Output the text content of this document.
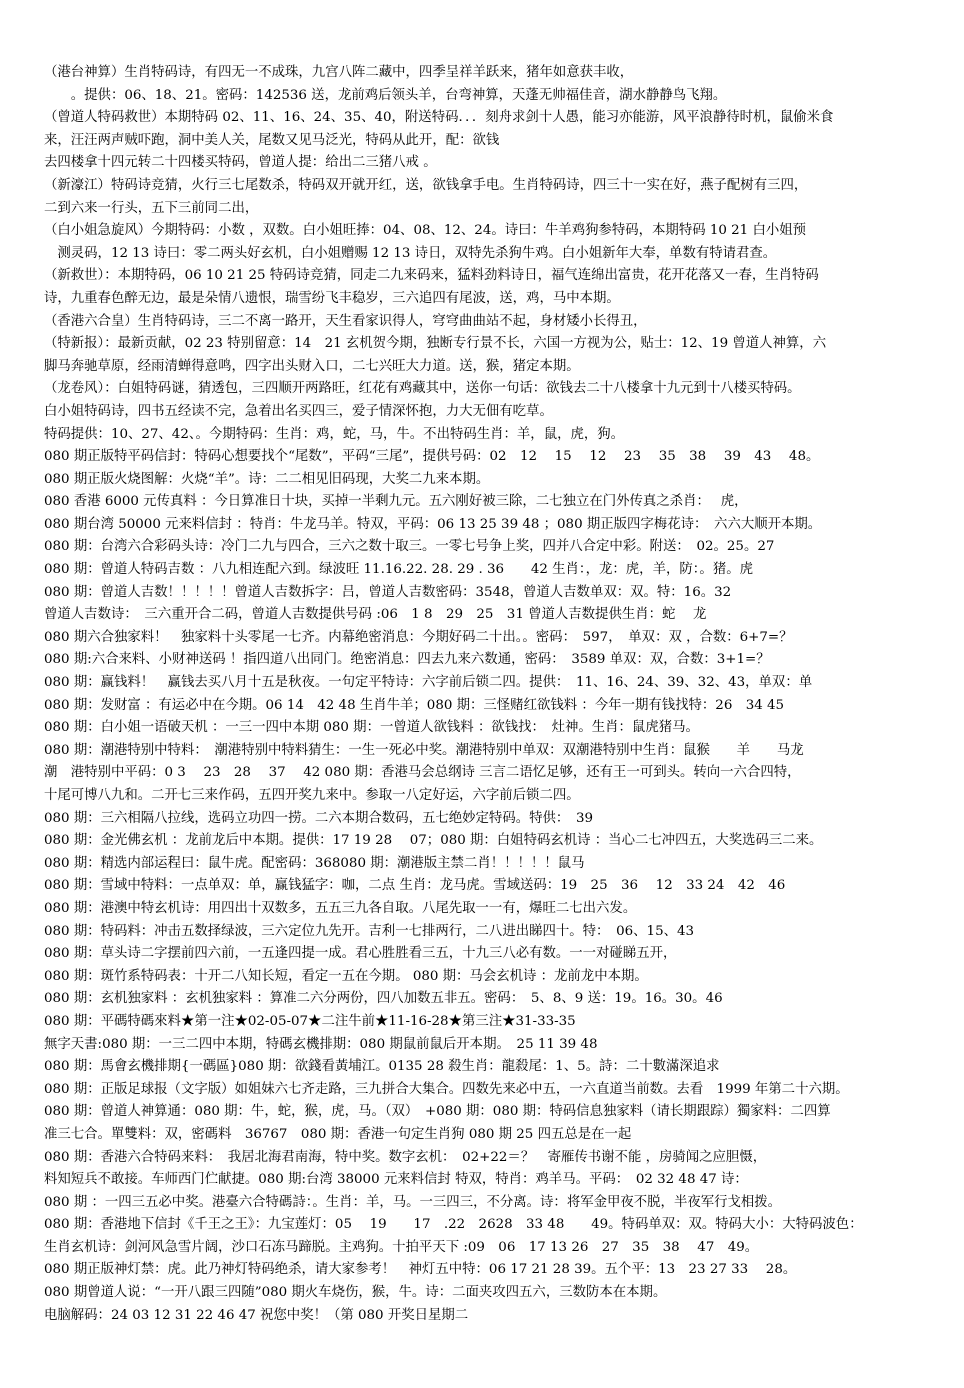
（港台神算）生肖特码诗，有四无一不成珠，九宫八阵二藏中，四季呈祥羊跃来，猪年如意获丰收，
　　。提供：06、18、21。密码：142536 送，龙前鸡后领头羊，台弯神算，天蓬无帅福佳音，湖水静静鸟飞翔。
（曾道人特码救世）本期特码 02、11、16、24、35、40，附送特码．．．刻舟求剑十人愚，能习亦能游，风平浪静待时机，鼠偷米食
来，汪汪两声贼吓跑，洞中美人关，尾数又见马泛光，特码从此开，配：欲钱
去四楼拿十四元转二十四楼买特码，曾道人提：给出二三猪八戒 。
（新濠江）特码诗竞猜，火行三七尾数杀，特码双开就开红，送，欲钱拿手电。生肖特码诗，四三十一实在好，燕子配树有三四，
二到六来一行头，五下三前同二出，
（白小姐急旋风）今期特码：小数 ，双数。白小姐旺捧：04、08、12、24。诗曰：牛羊鸡狗参特码，本期特码 10 21 白小姐预
　测灵码，12 13 诗曰：零二两头好玄机，白小姐赠赐 12 13 诗日，双特先杀狗牛鸡。白小姐新年大奉，单数有特请君查。
（新救世）：本期特码，06 10 21 25 特码诗竞猜，同走二九来码来，猛料劲料诗日，福气连绵出富贵，花开花落又一春，生肖特码
诗，九重春色醉无边，最是朵情八遗恨，瑞雪纷飞丰稳岁，三六追四有尾波，送，鸡，马中本期。
（香港六合皇）生肖特码诗，三二不离一路开，天生看家识得人，穹穹曲曲站不起，身材矮小长得丑，
（特新报）：最新贡献，02 23 特别留意：14　21 玄机贺今期，独断专行景不长，六国一方视为公，贴士：12、19 曾道人神算，六
脚马奔驰草原，经雨清蝉得意鸣，四字出头财入口，二七兴旺大力道。送，猴，猪定本期。
（龙卷风）：白姐特码谜，猜透包，三四顺开两路旺，红花有鸡藏其中，送你一句话：欲钱去二十八楼拿十九元到十八楼买特码。
白小姐特码诗，四书五经读不完，急着出名买四三，爱子情深怀抱，力大无佃有吃草。
特码提供：10、27、42、。今期特码：生肖：鸡，蛇，马，牛。不出特码生肖：羊，鼠，虎，狗。
080 期正版特平码信封：特码心想要找个“尾数”，平码“三尾”，提供号码：02　12　 15　 12　 23　 35　38　 39　43　 48。
080 期正版火烧图解：火烧“羊”。诗：二二相见旧码现，大奖二九来本期。
080 香港 6000 元传真料 ：今日算准日十块，买掉一半剩九元。五六刚好被三除，二七独立在门外传真之杀肖：　 虎，
080 期台湾 50000 元来料信封 ：特肖：牛龙马羊。特双，平码：06 13 25 39 48 ；080 期正版四字梅花诗：　六六大顺开本期。
080 期：台湾六合彩码头诗：冷门二九与四合，三六之数十取三。一零七号争上奖，四并八合定中彩。附送：　02。25。27
080 期：曾道人特码吉数 ：八九相连配六到。绿波旺 11.16.22. 28. 29 . 36　　42 生肖：，龙：虎，羊，防：。猪。虎
080 期：曾道人吉数！！！！！曾道人吉数拆字：吕，曾道人吉数密码：3548，曾道人吉数单双：双。特：16。32
曾道人吉数诗：　三六重开合二码，曾道人吉数提供号码 :06　1 8　29　25　31 曾道人吉数提供生肖：蛇　 龙
080 期六合独家料！　独家料十头零尾一七齐。内幕绝密消息：今期好码二十出。。密码：　597，　单双：双 ，合数：6+7=？
080 期:六合来料、小财神送码 ！指四道八出同门。绝密消息：四去九来六数通，密码：　3589 单双：双，合数：3+1=？
080 期：赢钱料！　赢钱去买八月十五是秋夜。一句定平特诗：六字前后锁二四。提供：　11、16、24、39、32、43，单双：单
080 期：发财富 ：有运必中在今期。06 14　42 48 生肖牛羊；080 期：三怪赌红欲钱料 ：今年一期有钱找特：26　34 45
080 期：白小姐一语破天机 ：一三一四中本期 080 期：一曾道人欲钱料 ：欲钱找：　灶神。生肖：鼠虎猪马。
080 期：潮港特别中特料：　潮港特别中特料猜生：一生一死必中奖。潮港特别中单双：双潮港特别中生肖：鼠猴　　羊　　马龙
潮　港特别中平码：0 3　 23　28　 37　 42 080 期：香港马会总纲诗 三言二语忆足够，还有王一可到头。转向一六合四特，
十尾可博八九和。二开七三来作码，五四开奖九来中。参取一八定好运，六字前后锁二四。
080 期：三六相隔八拉线，选码立功四一捞。二六本期合数码，五七绝妙定特码。特供：　39
080 期：金光佛玄机 ：龙前龙后中本期。提供：17 19 28　 07；080 期：白姐特码玄机诗 ：当心二七冲四五，大奖选码三二来。
080 期：精选内部运程曰：鼠牛虎。配密码：368080 期：潮港版主禁二肖！！！！！鼠马
080 期：雪域中特料：一点单双：单，赢钱猛字：咖，二点 生肖：龙马虎。雪域送码：19　25　36　 12　33 24　42　46
080 期：港澳中特玄机诗：用四出十双数多，五五三九各自取。八尾先取一一有，爆旺二七出六发。
080 期：特码料：冲击五数择绿波，三六定位九先开。吉利一七排两行，二八进出睇四十。特：　06、15、43
080 期：草头诗二字摆前四六前，一五逢四提一成。君心胜胜看三五，十九三八必有数。一一对碰睇五开，
080 期：斑竹系特码表：十开二八知长短，看定一五在今期。 080 期：马会玄机诗 ：龙前龙中本期。
080 期：玄机独家料 ：玄机独家料 ：算准二六分两份，四八加数五非五。密码：　5、8、9 送：19。16。30。46
080 期：平碼特碼來料★第一注★02-05-07★二注牛前★11-16-28★第三注★31-33-35
無字天書:080 期：一三二四中本期，特碼玄機排期：080 期鼠前鼠后开本期。　25 11 39 48
080 期：馬會玄機排期{一碼區}080 期：欲錢看黃埔江。0135 28 殺生肖：龍殺尾：1、5。詩：二十數滿深追求
080 期：正版足球报（文字版）如姐妹六七齐走路，三九拼合大集合。四数先来必中五，一六直道当前数。去看　1999 年第二十六期。
080 期：曾道人神算通：080 期：牛，蛇，猴，虎，马。（双）　+080 期：080 期：特码信息独家料（请长期跟踪）獨家料：二四算
准三七合。單雙料：双，密碼料　36767　080 期：香港一句定生肖狗 080 期 25 四五总是在一起
080 期：香港六合特码来料：　我居北海君南海，特中奖。数字玄机：　02+22＝？　寄雁传书谢不能 ，房骑闻之应胆慑，
料知短兵不敢接。车师西门伫献捷。080 期:台湾 38000 元来料信封 特双，特肖：鸡羊马。平码：　02 32 48 47 诗：
080 期 ：一四三五必中奖。港臺六合特碼詩：。生肖：羊，马。一三四三，不分离。诗：将军金甲夜不脱，半夜军行戈相拨。
080 期：香港地下信封《千王之王》：九宝莲灯：05　 19　　17　.22　2628　33 48　　49。特码单双：双。特码大小：大特码波色：
生肖玄机诗：剑河风急雪片阔，沙口石冻马蹄脱。主鸡狗。十拍平天下 :09　06　17 13 26　27　35　38　 47　49。
080 期正版神灯禁：虎。此乃神灯特码绝杀，请大家参考！　神灯五中特：06 17 21 28 39。五个平：13　23 27 33　 28。
080 期曾道人说：“一开八跟三四随”080 期火车烧伤，猴，牛。诗：二面夹攻四五六，三数防本在本期。
电脑解码：24 03 12 31 22 46 47 祝您中奖！（第 080 开奖日星期二
